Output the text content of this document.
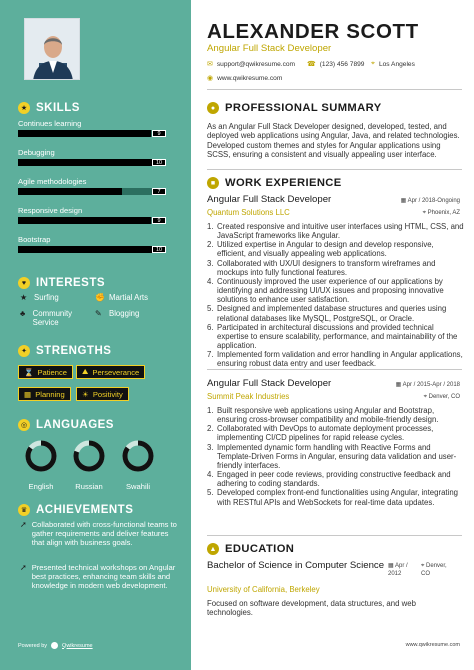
★ SKILLS
Continues learning
9
Debugging
10
Agile methodologies
7
Responsive design
9
Bootstrap
10
♥ INTERESTS
★ Surfing	✊ Martial Arts
♣ Community Service
✎ Blogging
✦ STRENGTHS
⌛ Patience ⛰ Perseverance
▦ Planning ☀ Positivity
◎ LANGUAGES
English	Russian	Swahili
♛ ACHIEVEMENTS
➚ Collaborated with cross-functional teams to gather requirements and deliver features that align with business goals.
➚ Presented technical workshops on Angular best practices, enhancing team skills and knowledge in modern web development.
Powered by	Qwikresume
ALEXANDER SCOTT
Angular Full Stack Developer
✉ support@qwikresume.com ☎ (123) 456 7899 ⌖ Los Angeles
◉ www.qwikresume.com
● PROFESSIONAL SUMMARY
As an Angular Full Stack Developer designed, developed, tested, and deployed web applications using Angular, Java, and related technologies. Developed custom themes and styles for Angular applications using SCSS, ensuring a consistent and visually appealing user interface.
■ WORK EXPERIENCE
Angular Full Stack Developer	▦ Apr / 2018-Ongoing
Quantum Solutions LLC	⌖ Phoenix, AZ
1. Created responsive and intuitive user interfaces using HTML, CSS, and JavaScript frameworks like Angular.
2. Utilized expertise in Angular to design and develop responsive, efficient, and visually appealing web applications.
3. Collaborated with UX/UI designers to transform wireframes and mockups into fully functional features.
4. Continuously improved the user experience of our applications by identifying and addressing UI/UX issues and proposing innovative solutions to enhance user satisfaction.
5. Designed and implemented database structures and queries using relational databases like MySQL, PostgreSQL, or Oracle.
6. Participated in architectural discussions and provided technical expertise to ensure scalability, performance, and maintainability of the application.
7. Implemented form validation and error handling in Angular applications, ensuring robust data entry and user feedback.
Angular Full Stack Developer	▦ Apr / 2015-Apr / 2018
Summit Peak Industries	⌖ Denver, CO
1. Built responsive web applications using Angular and Bootstrap, ensuring cross-browser compatibility and mobile-friendly design.
2. Collaborated with DevOps to automate deployment processes, implementing CI/CD pipelines for rapid release cycles.
3. Implemented dynamic form handling with Reactive Forms and Template-Driven Forms in Angular, ensuring data validation and user-friendly interfaces.
4. Engaged in peer code reviews, providing constructive feedback and adhering to coding standards.
5. Developed complex front-end functionalities using Angular, integrating with RESTful APIs and WebSockets for real-time data updates.
▲ EDUCATION
Bachelor of Science in Computer Science ▦ Apr / 2012
⌖ Denver, CO
University of California, Berkeley
Focused on software development, data structures, and web technologies.
www.qwikresume.com
